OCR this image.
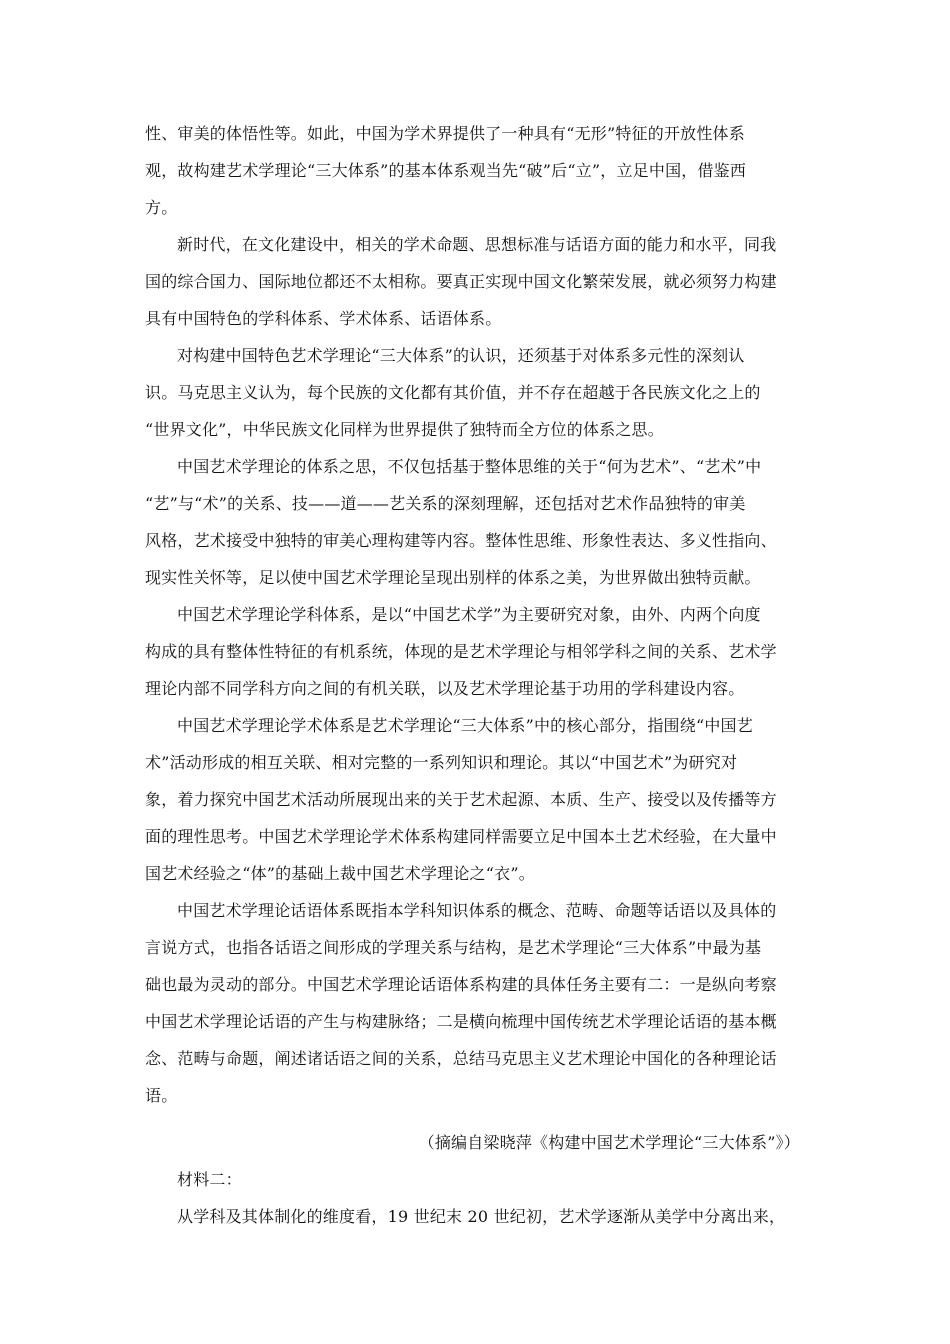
性、审美的体悟性等。如此，中国为学术界提供了一种具有“无形”特征的开放性体系
观，故构建艺术学理论“三大体系”的基本体系观当先“破”后“立”，立足中国，借鉴西
方。
新时代，在文化建设中，相关的学术命题、思想标准与话语方面的能力和水平，同我
国的综合国力、国际地位都还不太相称。要真正实现中国文化繁荣发展，就必须努力构建
具有中国特色的学科体系、学术体系、话语体系。
对构建中国特色艺术学理论“三大体系”的认识，还须基于对体系多元性的深刻认
识。马克思主义认为，每个民族的文化都有其价值，并不存在超越于各民族文化之上的
“世界文化”，中华民族文化同样为世界提供了独特而全方位的体系之思。
中国艺术学理论的体系之思，不仅包括基于整体思维的关于“何为艺术”、“艺术”中
“艺”与“术”的关系、技——道——艺关系的深刻理解，还包括对艺术作品独特的审美
风格，艺术接受中独特的审美心理构建等内容。整体性思维、形象性表达、多义性指向、
现实性关怀等，足以使中国艺术学理论呈现出别样的体系之美，为世界做出独特贡献。
中国艺术学理论学科体系，是以“中国艺术学”为主要研究对象，由外、内两个向度
构成的具有整体性特征的有机系统，体现的是艺术学理论与相邻学科之间的关系、艺术学
理论内部不同学科方向之间的有机关联，以及艺术学理论基于功用的学科建设内容。
中国艺术学理论学术体系是艺术学理论“三大体系”中的核心部分，指围绕“中国艺
术”活动形成的相互关联、相对完整的一系列知识和理论。其以“中国艺术”为研究对
象，着力探究中国艺术活动所展现出来的关于艺术起源、本质、生产、接受以及传播等方
面的理性思考。中国艺术学理论学术体系构建同样需要立足中国本土艺术经验，在大量中
国艺术经验之“体”的基础上裁中国艺术学理论之“衣”。
中国艺术学理论话语体系既指本学科知识体系的概念、范畴、命题等话语以及具体的
言说方式，也指各话语之间形成的学理关系与结构，是艺术学理论“三大体系”中最为基
础也最为灵动的部分。中国艺术学理论话语体系构建的具体任务主要有二：一是纵向考察
中国艺术学理论话语的产生与构建脉络；二是横向梳理中国传统艺术学理论话语的基本概
念、范畴与命题，阐述诸话语之间的关系，总结马克思主义艺术理论中国化的各种理论话
语。
（摘编自梁晓萍《构建中国艺术学理论“三大体系”》）
材料二：
从学科及其体制化的维度看，19 世纪末 20 世纪初，艺术学逐渐从美学中分离出来，
